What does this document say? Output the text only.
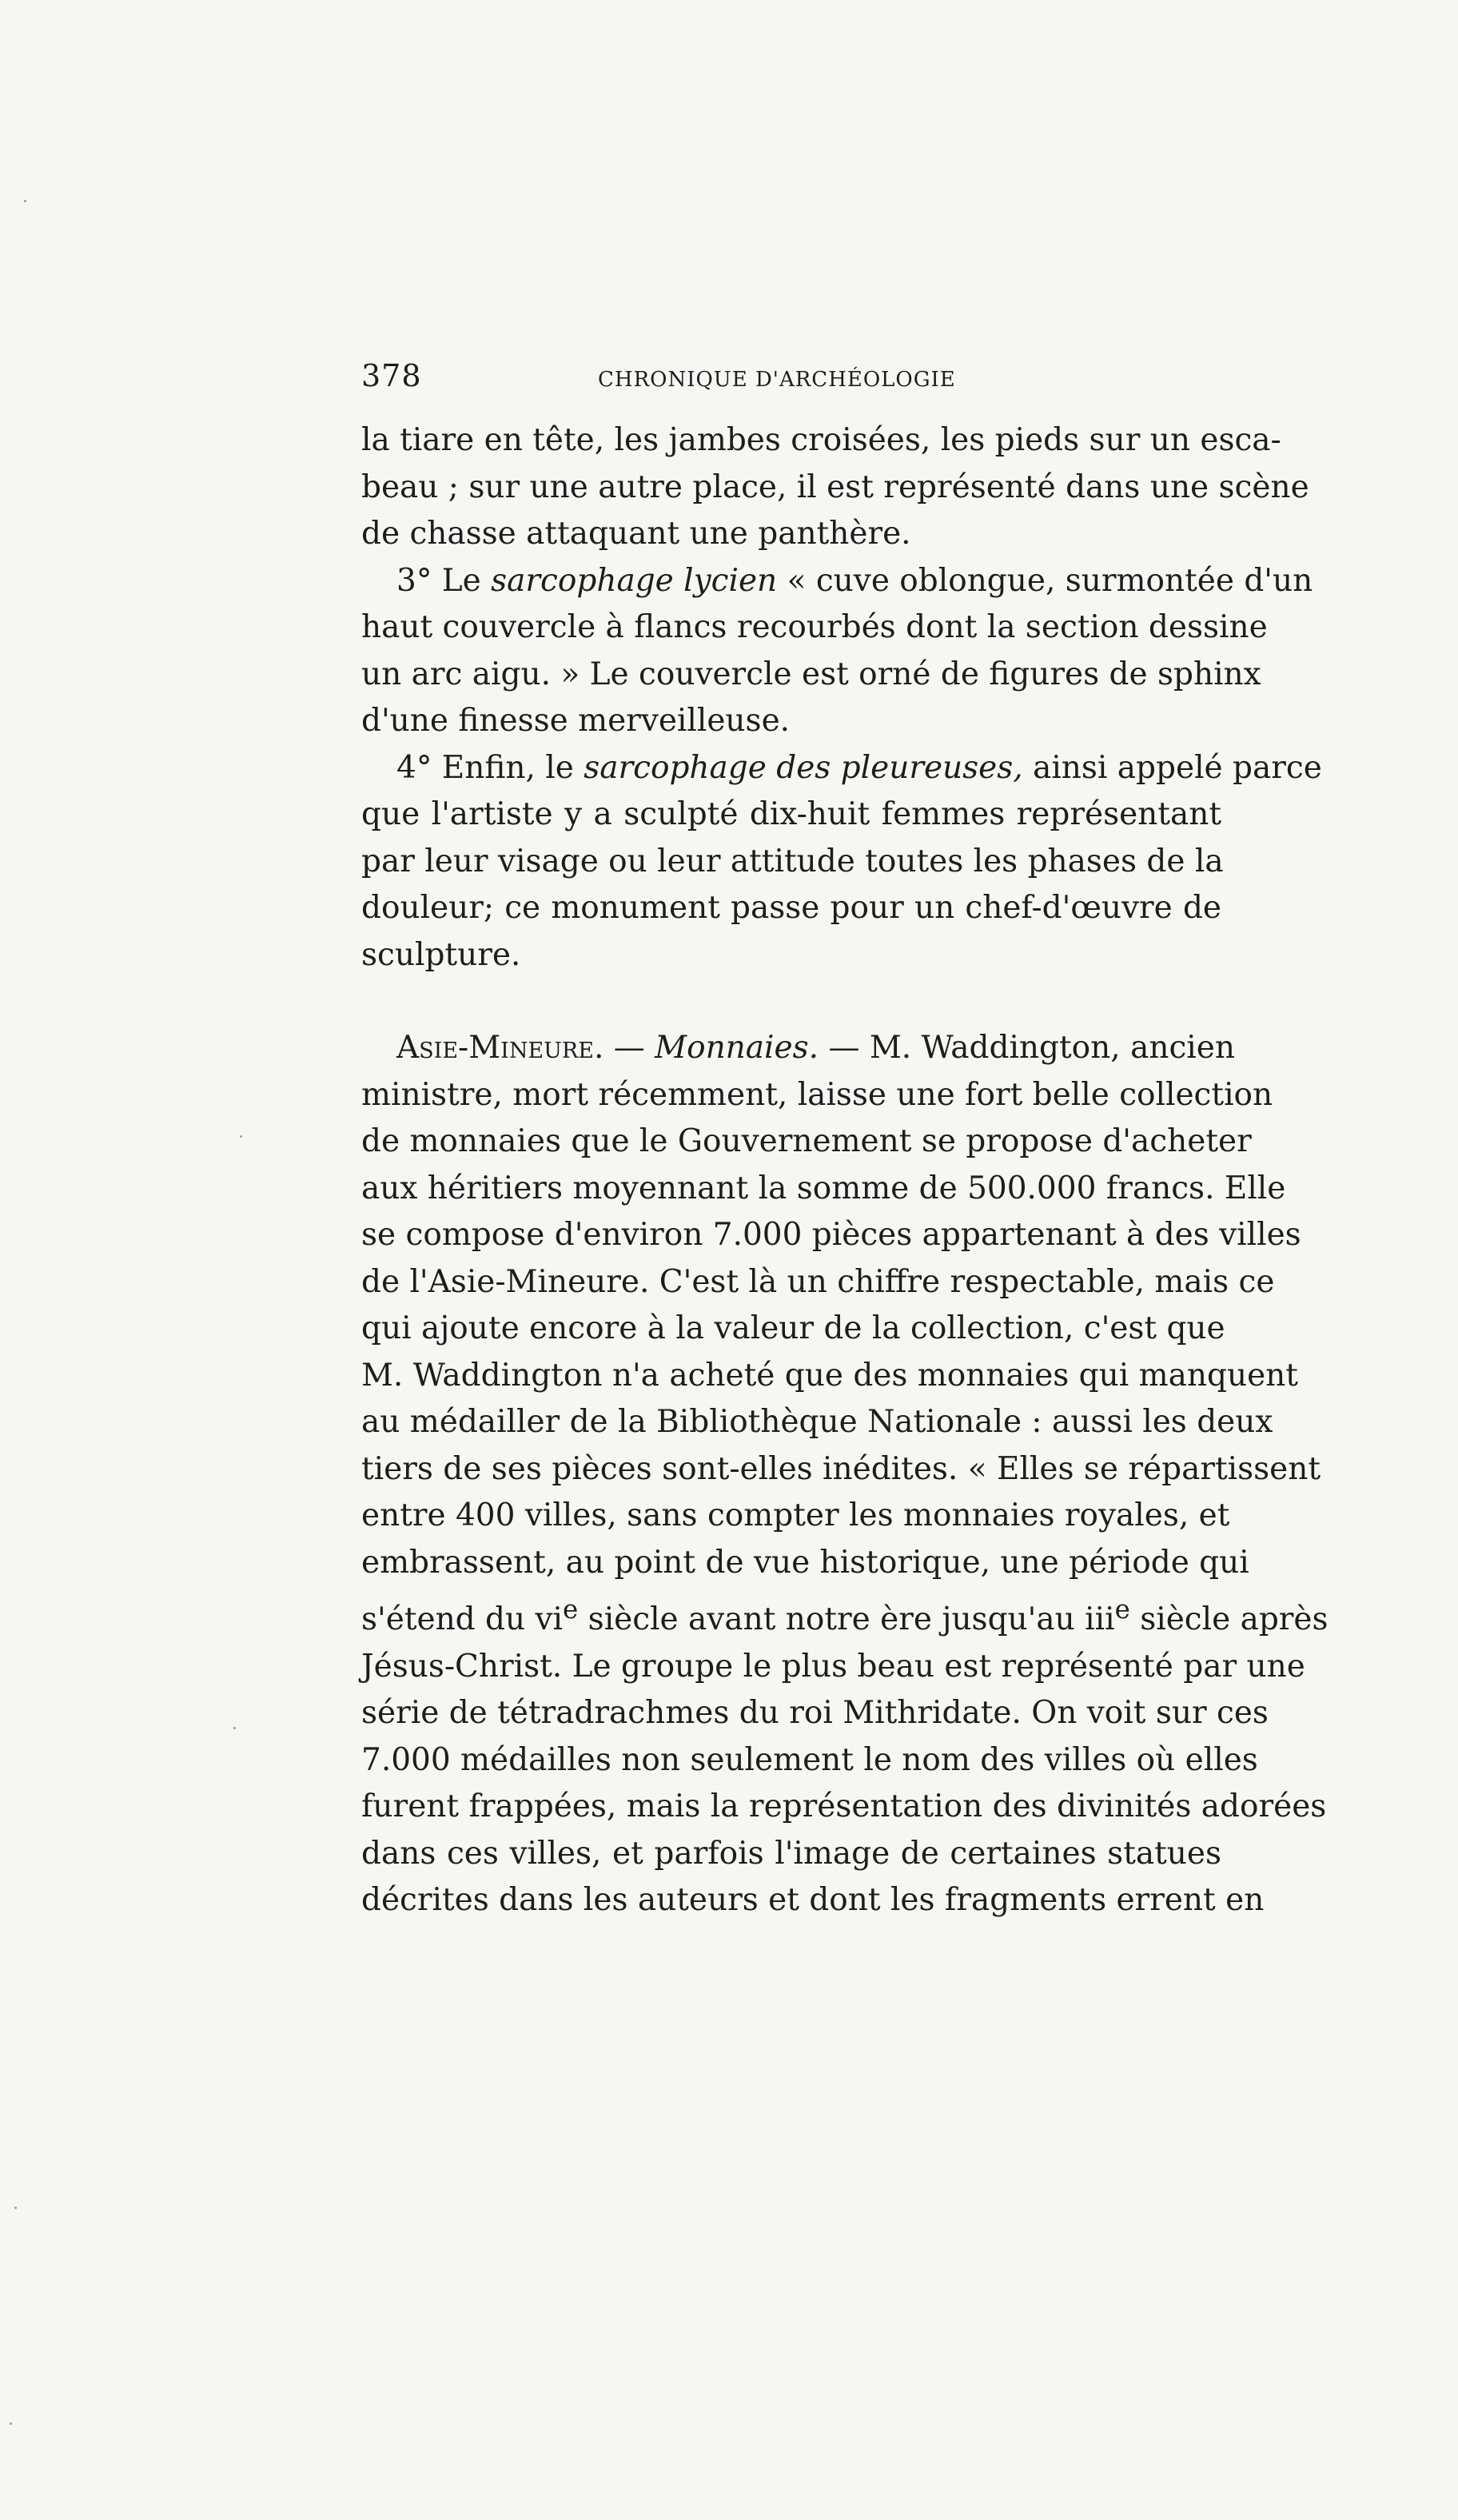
378	CHRONIQUE D'ARCHÉOLOGIE

la tiare en tête, les jambes croisées, les pieds sur un esca-
beau ; sur une autre place, il est représenté dans une scène
de chasse attaquant une panthère.

3° Le sarcophage lycien « cuve oblongue, surmontée d'un
haut couvercle à flancs recourbés dont la section dessine
un arc aigu. » Le couvercle est orné de figures de sphinx
d'une finesse merveilleuse.

4° Enfin, le sarcophage des pleureuses, ainsi appelé parce
que l'artiste y a sculpté dix-huit femmes représentant
par leur visage ou leur attitude toutes les phases de la
douleur; ce monument passe pour un chef-d'œuvre de
sculpture.

Asie-Mineure. — Monnaies. — M. Waddington, ancien
ministre, mort récemment, laisse une fort belle collection
de monnaies que le Gouvernement se propose d'acheter
aux héritiers moyennant la somme de 500.000 francs. Elle
se compose d'environ 7.000 pièces appartenant à des villes
de l'Asie-Mineure. C'est là un chiffre respectable, mais ce
qui ajoute encore à la valeur de la collection, c'est que
M. Waddington n'a acheté que des monnaies qui manquent
au médailler de la Bibliothèque Nationale : aussi les deux
tiers de ses pièces sont-elles inédites. « Elles se répartissent
entre 400 villes, sans compter les monnaies royales, et
embrassent, au point de vue historique, une période qui
s'étend du $vi^e$ siècle avant notre ère jusqu'au iii$^e$ siècle après
Jésus-Christ. Le groupe le plus beau est représenté par une
série de tétradrachmes du roi Mithridate. On voit sur ces
7.000 médailles non seulement le nom des villes où elles
furent frappées, mais la représentation des divinités adorées
dans ces villes, et parfois l'image de certaines statues
décrites dans les auteurs et dont les fragments errent en
